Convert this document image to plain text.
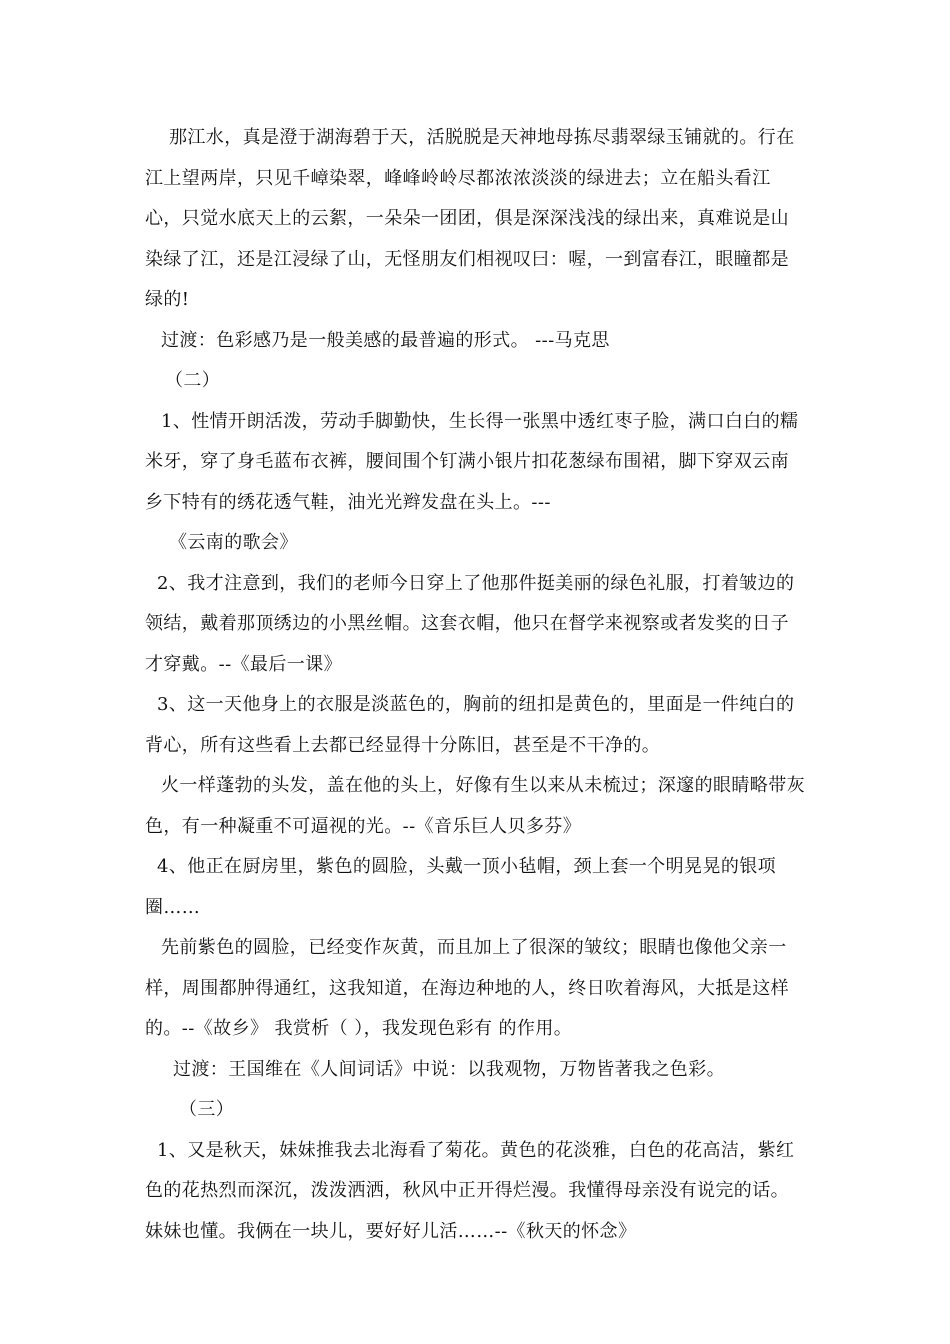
那江水，真是澄于湖海碧于天，活脱脱是天神地母拣尽翡翠绿玉铺就的。行在江上望两岸，只见千嶂染翠，峰峰岭岭尽都浓浓淡淡的绿进去；立在船头看江心，只觉水底天上的云絮，一朵朵一团团，俱是深深浅浅的绿出来，真难说是山染绿了江，还是江浸绿了山，无怪朋友们相视叹曰：喔，一到富春江，眼瞳都是绿的!

过渡：色彩感乃是一般美感的最普遍的形式。 ---马克思

（二）

1、性情开朗活泼，劳动手脚勤快，生长得一张黑中透红枣子脸，满口白白的糯米牙，穿了身毛蓝布衣裤，腰间围个钉满小银片扣花葱绿布围裙，脚下穿双云南乡下特有的绣花透气鞋，油光光辫发盘在头上。---

《云南的歌会》

2、我才注意到，我们的老师今日穿上了他那件挺美丽的绿色礼服，打着皱边的领结，戴着那顶绣边的小黑丝帽。这套衣帽，他只在督学来视察或者发奖的日子才穿戴。--《最后一课》

3、这一天他身上的衣服是淡蓝色的，胸前的纽扣是黄色的，里面是一件纯白的背心，所有这些看上去都已经显得十分陈旧，甚至是不干净的。

火一样蓬勃的头发，盖在他的头上，好像有生以来从未梳过；深邃的眼睛略带灰色，有一种凝重不可逼视的光。--《音乐巨人贝多芬》

4、他正在厨房里，紫色的圆脸，头戴一顶小毡帽，颈上套一个明晃晃的银项圈……

先前紫色的圆脸，已经变作灰黄，而且加上了很深的皱纹；眼睛也像他父亲一样，周围都肿得通红，这我知道，在海边种地的人，终日吹着海风，大抵是这样的。--《故乡》 我赏析（ ），我发现色彩有 的作用。

过渡：王国维在《人间词话》中说：以我观物，万物皆著我之色彩。

（三）

1、又是秋天，妹妹推我去北海看了菊花。黄色的花淡雅，白色的花高洁，紫红色的花热烈而深沉，泼泼洒洒，秋风中正开得烂漫。我懂得母亲没有说完的话。妹妹也懂。我俩在一块儿，要好好儿活……--《秋天的怀念》
